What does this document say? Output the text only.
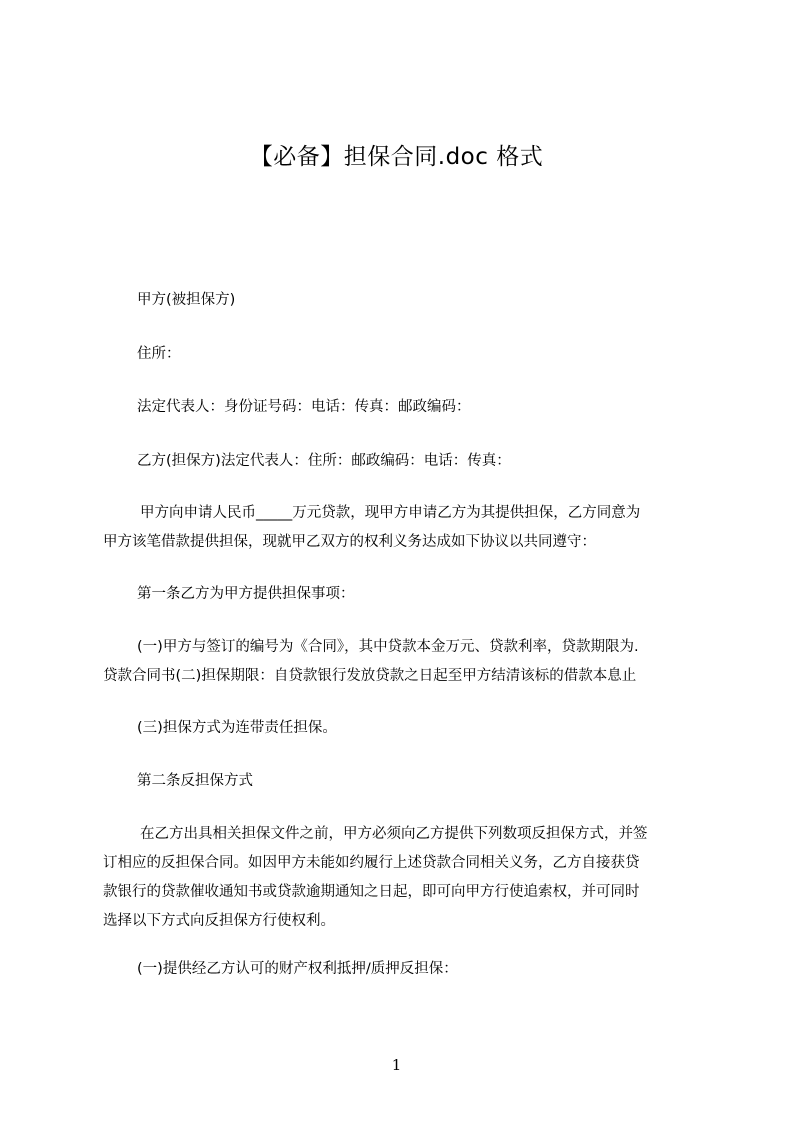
【必备】担保合同.doc 格式
甲方(被担保方)
住所：
法定代表人：身份证号码：电话：传真：邮政编码：
乙方(担保方)法定代表人：住所：邮政编码：电话：传真：
甲方向申请人民币_____万元贷款，现甲方申请乙方为其提供担保，乙方同意为
甲方该笔借款提供担保，现就甲乙双方的权利义务达成如下协议以共同遵守：
第一条乙方为甲方提供担保事项：
(一)甲方与签订的编号为《合同》，其中贷款本金万元、贷款利率，贷款期限为.
贷款合同书(二)担保期限：自贷款银行发放贷款之日起至甲方结清该标的借款本息止
(三)担保方式为连带责任担保。
第二条反担保方式
在乙方出具相关担保文件之前，甲方必须向乙方提供下列数项反担保方式，并签
订相应的反担保合同。如因甲方未能如约履行上述贷款合同相关义务，乙方自接获贷
款银行的贷款催收通知书或贷款逾期通知之日起，即可向甲方行使追索权，并可同时
选择以下方式向反担保方行使权利。
(一)提供经乙方认可的财产权利抵押/质押反担保：
1
